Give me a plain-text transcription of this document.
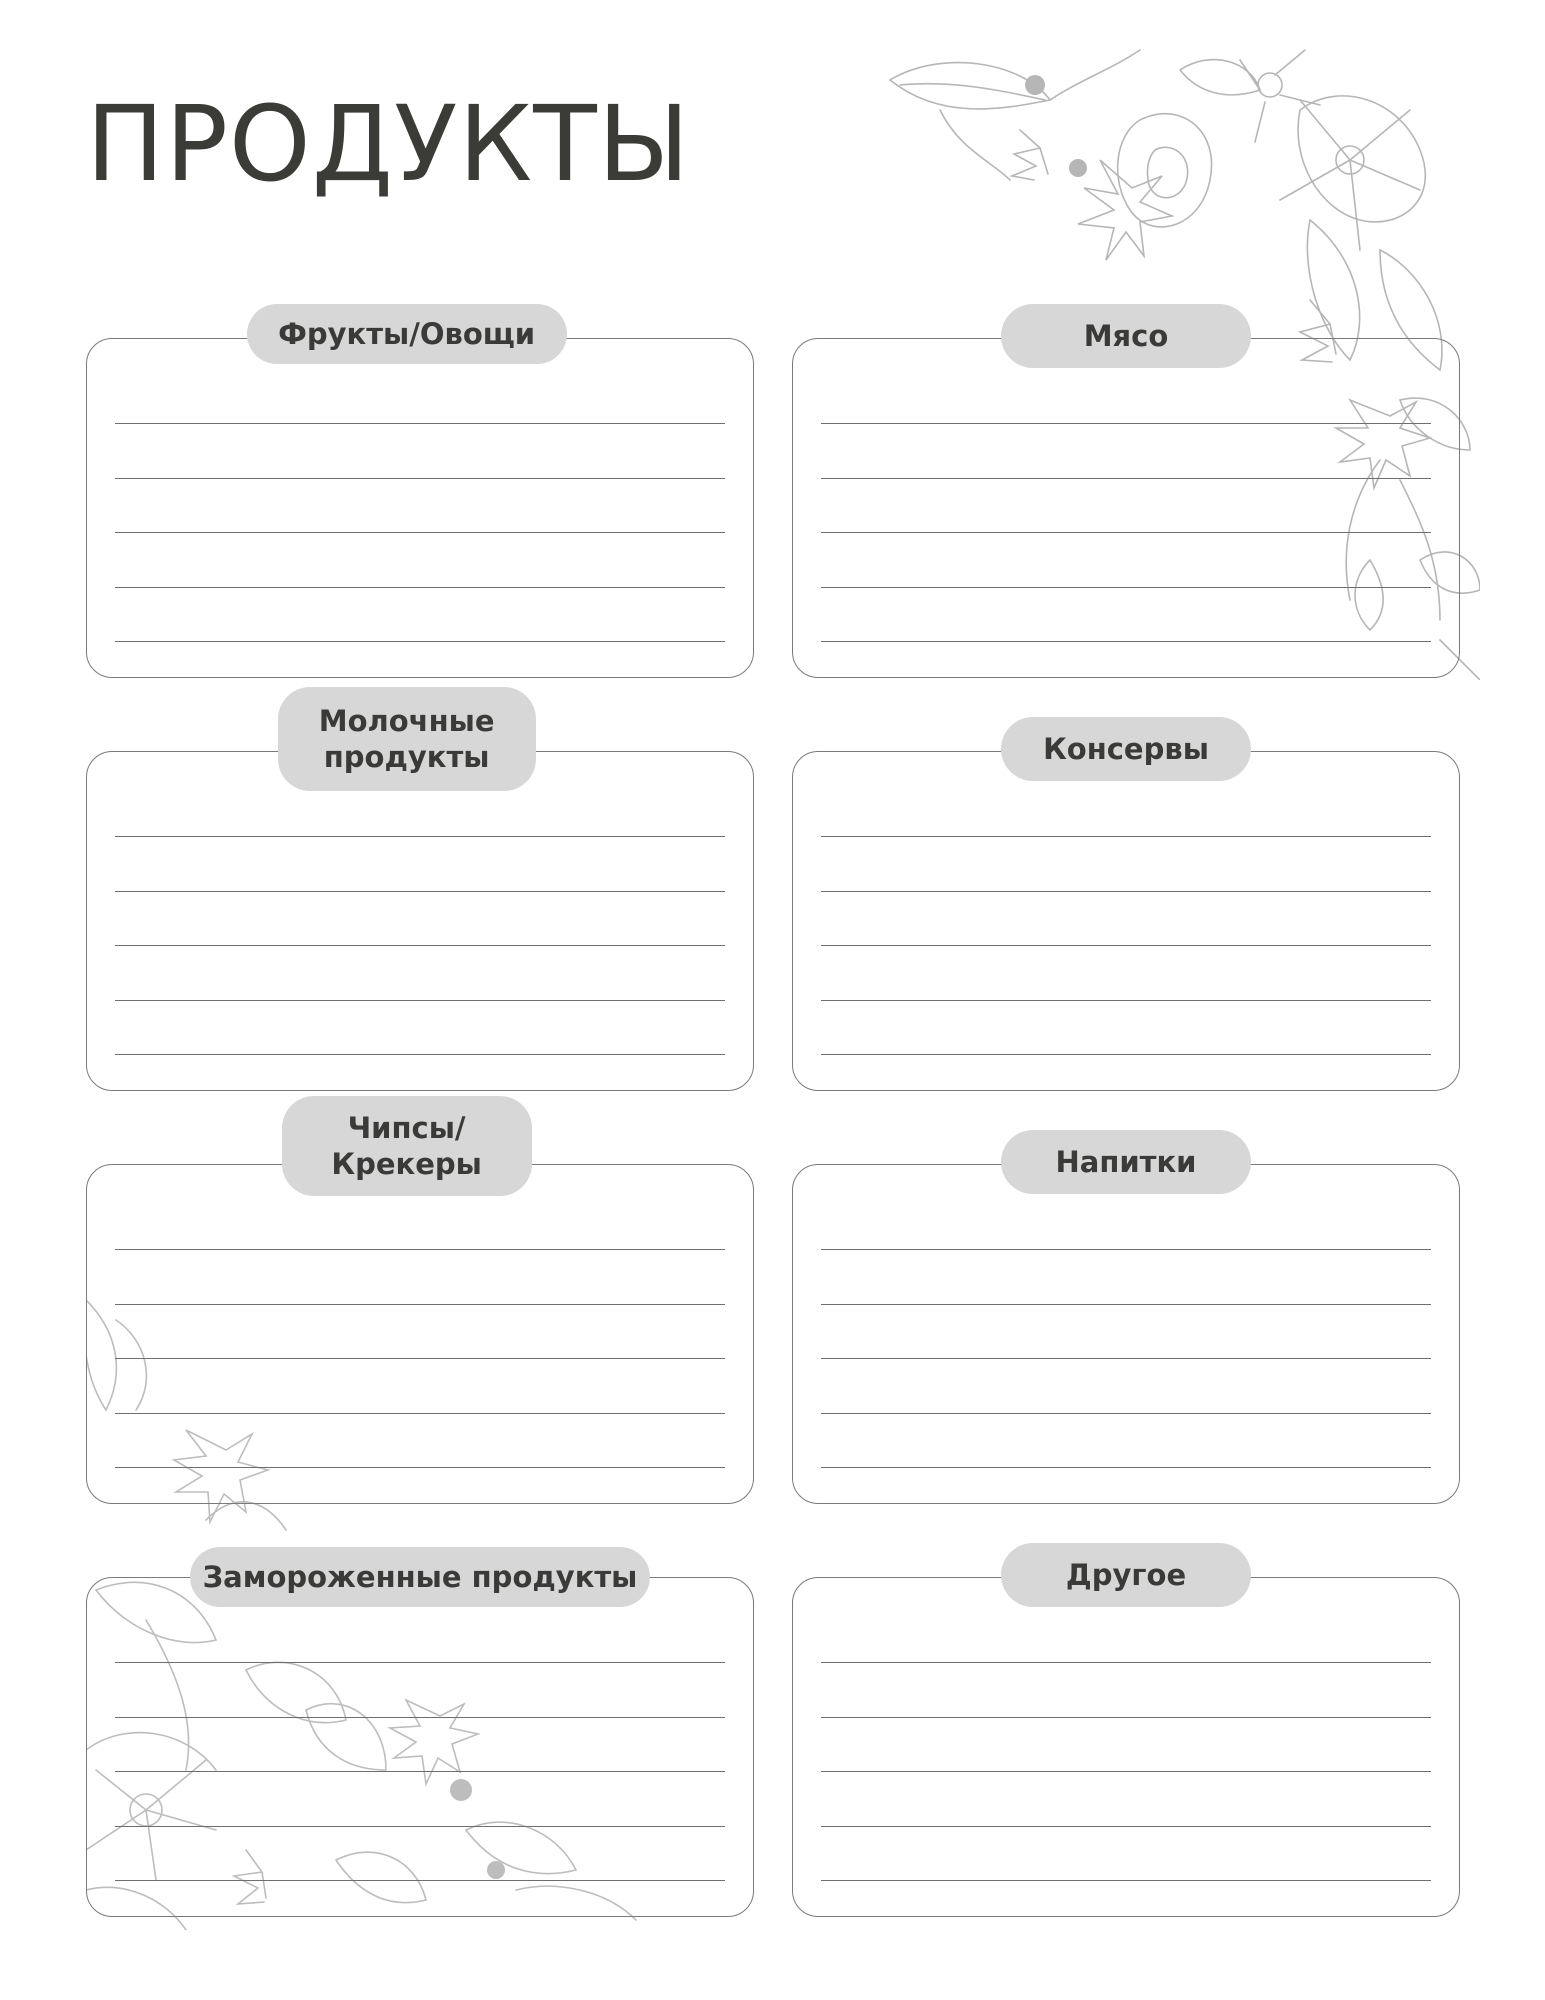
ПРОДУКТЫ
Фрукты/Овощи	Мясо
Молочные продукты	Консервы
Чипсы/ Крекеры	Напитки
Замороженные продукты	Другое
